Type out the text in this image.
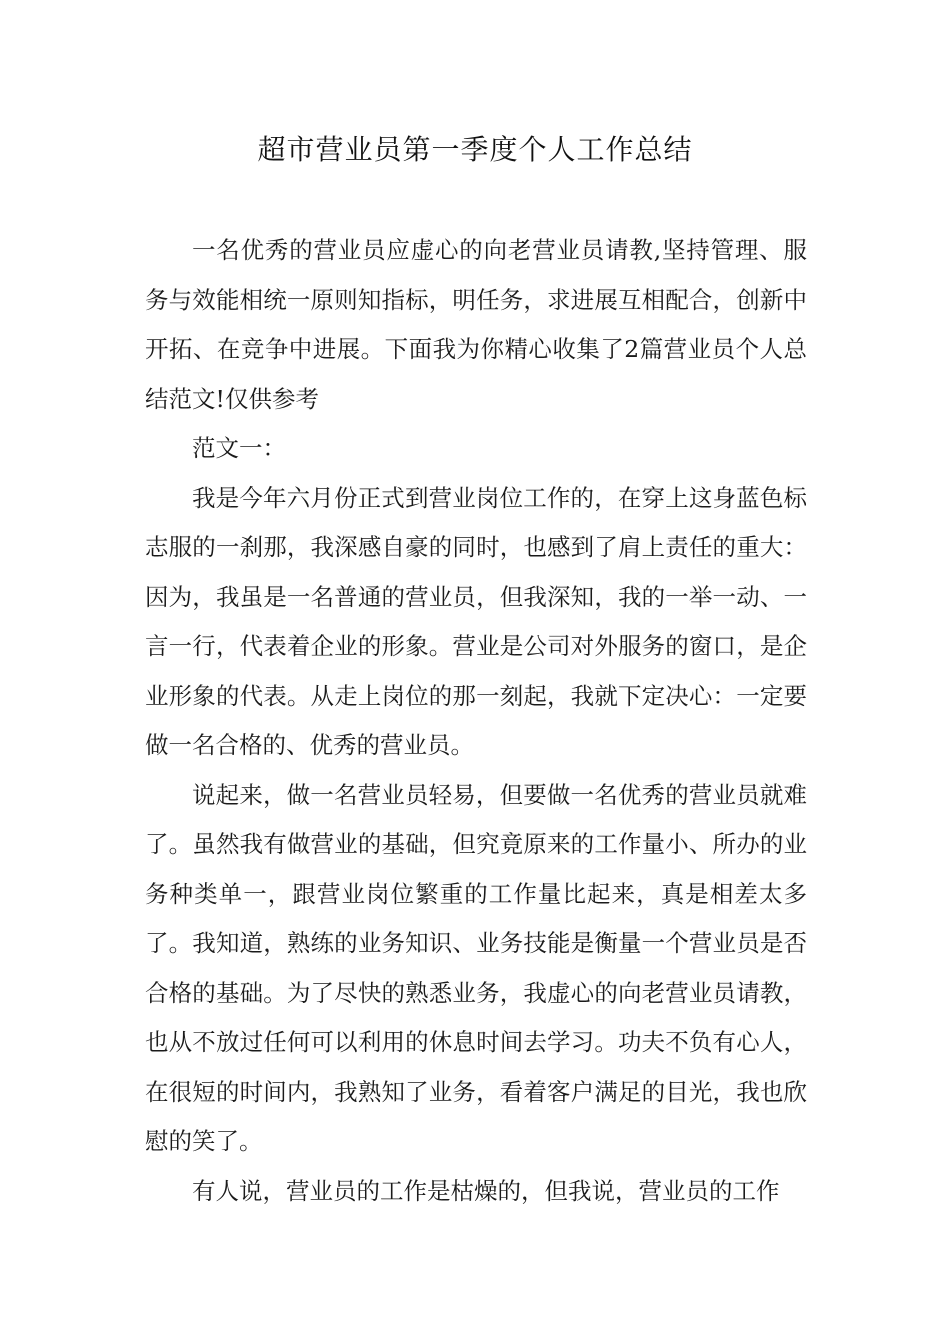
超市营业员第一季度个人工作总结

一名优秀的营业员应虚心的向老营业员请教,坚持管理、服务与效能相统一原则知指标，明任务，求进展互相配合，创新中开拓、在竞争中进展。下面我为你精心收集了2篇营业员个人总结范文!仅供参考

范文一：

我是今年六月份正式到营业岗位工作的，在穿上这身蓝色标志服的一刹那，我深感自豪的同时，也感到了肩上责任的重大：因为，我虽是一名普通的营业员，但我深知，我的一举一动、一言一行，代表着企业的形象。营业是公司对外服务的窗口，是企业形象的代表。从走上岗位的那一刻起，我就下定决心：一定要做一名合格的、优秀的营业员。

说起来，做一名营业员轻易，但要做一名优秀的营业员就难了。虽然我有做营业的基础，但究竟原来的工作量小、所办的业务种类单一，跟营业岗位繁重的工作量比起来，真是相差太多了。我知道，熟练的业务知识、业务技能是衡量一个营业员是否合格的基础。为了尽快的熟悉业务，我虚心的向老营业员请教，也从不放过任何可以利用的休息时间去学习。功夫不负有心人，在很短的时间内，我熟知了业务，看着客户满足的目光，我也欣慰的笑了。

有人说，营业员的工作是枯燥的，但我说，营业员的工作
